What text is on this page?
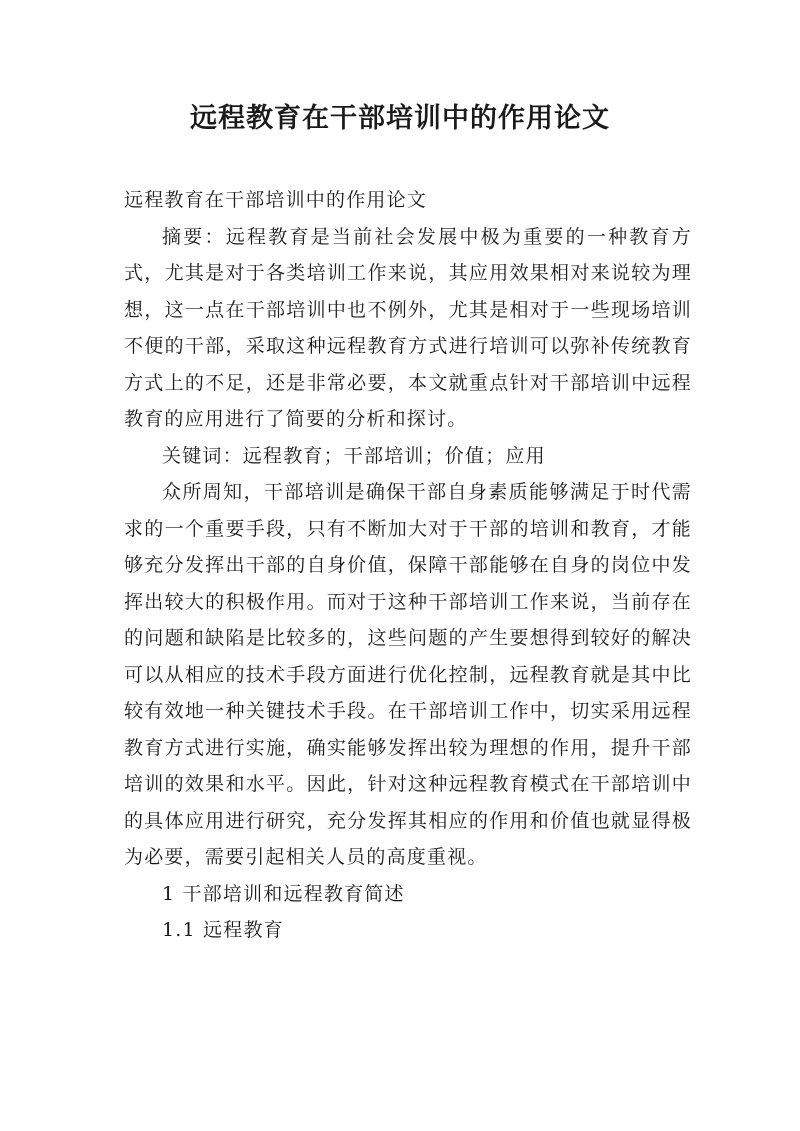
远程教育在干部培训中的作用论文

远程教育在干部培训中的作用论文

摘要：远程教育是当前社会发展中极为重要的一种教育方式，尤其是对于各类培训工作来说，其应用效果相对来说较为理想，这一点在干部培训中也不例外，尤其是相对于一些现场培训不便的干部，采取这种远程教育方式进行培训可以弥补传统教育方式上的不足，还是非常必要，本文就重点针对干部培训中远程教育的应用进行了简要的分析和探讨。

关键词：远程教育；干部培训；价值；应用

众所周知，干部培训是确保干部自身素质能够满足于时代需求的一个重要手段，只有不断加大对于干部的培训和教育，才能够充分发挥出干部的自身价值，保障干部能够在自身的岗位中发挥出较大的积极作用。而对于这种干部培训工作来说，当前存在的问题和缺陷是比较多的，这些问题的产生要想得到较好的解决可以从相应的技术手段方面进行优化控制，远程教育就是其中比较有效地一种关键技术手段。在干部培训工作中，切实采用远程教育方式进行实施，确实能够发挥出较为理想的作用，提升干部培训的效果和水平。因此，针对这种远程教育模式在干部培训中的具体应用进行研究，充分发挥其相应的作用和价值也就显得极为必要，需要引起相关人员的高度重视。

1 干部培训和远程教育简述

1.1 远程教育
